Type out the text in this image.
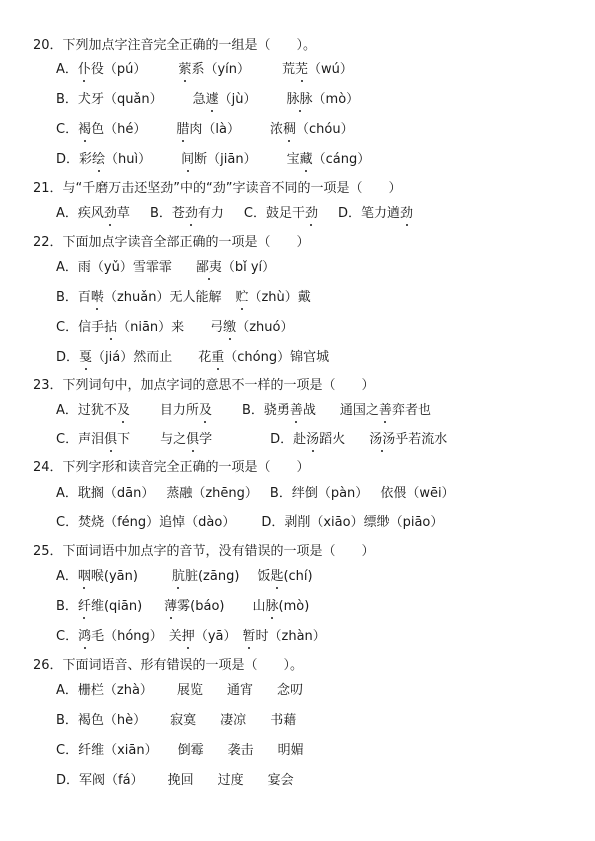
20．下列加点字注音完全正确的一组是（　　）。
A．仆役（pú） 萦系（yín） 荒芜（wú）
B．犬牙（quǎn） 急遽（jù） 脉脉（mò）
C．褐色（hé） 腊肉（là） 浓稠（chóu）
D．彩绘（huì） 间断（jiān） 宝藏（cáng）
21．与“千磨万击还坚劲”中的“劲”字读音不同的一项是（　　）
A．疾风劲草 B．苍劲有力 C．鼓足干劲 D．笔力遒劲
22．下面加点字读音全部正确的一项是（　　）
A．雨（yǔ）雪霏霏 鄙夷（bǐ yí）
B．百啭（zhuǎn）无人能解 贮（zhù）戴
C．信手拈（niān）来 弓缴（zhuó）
D．戛（jiá）然而止 花重（chóng）锦官城
23．下列词句中，加点字词的意思不一样的一项是（　　）
A．过犹不及 目力所及 B．骁勇善战 通国之善弈者也
C．声泪俱下 与之俱学	D．赴汤蹈火 汤汤乎若流水
24．下列字形和读音完全正确的一项是（　　）
A．耽搁（dān） 蒸融（zhēng） B．绊倒（pàn） 依偎（wēi）
C．焚烧（féng）追悼（dào） D．剥削（xiāo）缥缈（piāo）
25．下面词语中加点字的音节，没有错误的一项是（　　）
A．咽喉(yān)	肮脏(zāng) 饭匙(chí)
B．纤维(qiān) 薄雾(báo) 山脉(mò)
C．鸿毛（hóng） 关押（yā） 暂时（zhàn）
26．下面词语音、形有错误的一项是（　　）。
A．栅栏（zhà） 展览 通宵 念叨
B．褐色（hè） 寂寞 凄凉 书藉
C．纤维（xiān） 倒霉 袭击 明媚
D．军阀（fá） 挽回 过度 宴会
